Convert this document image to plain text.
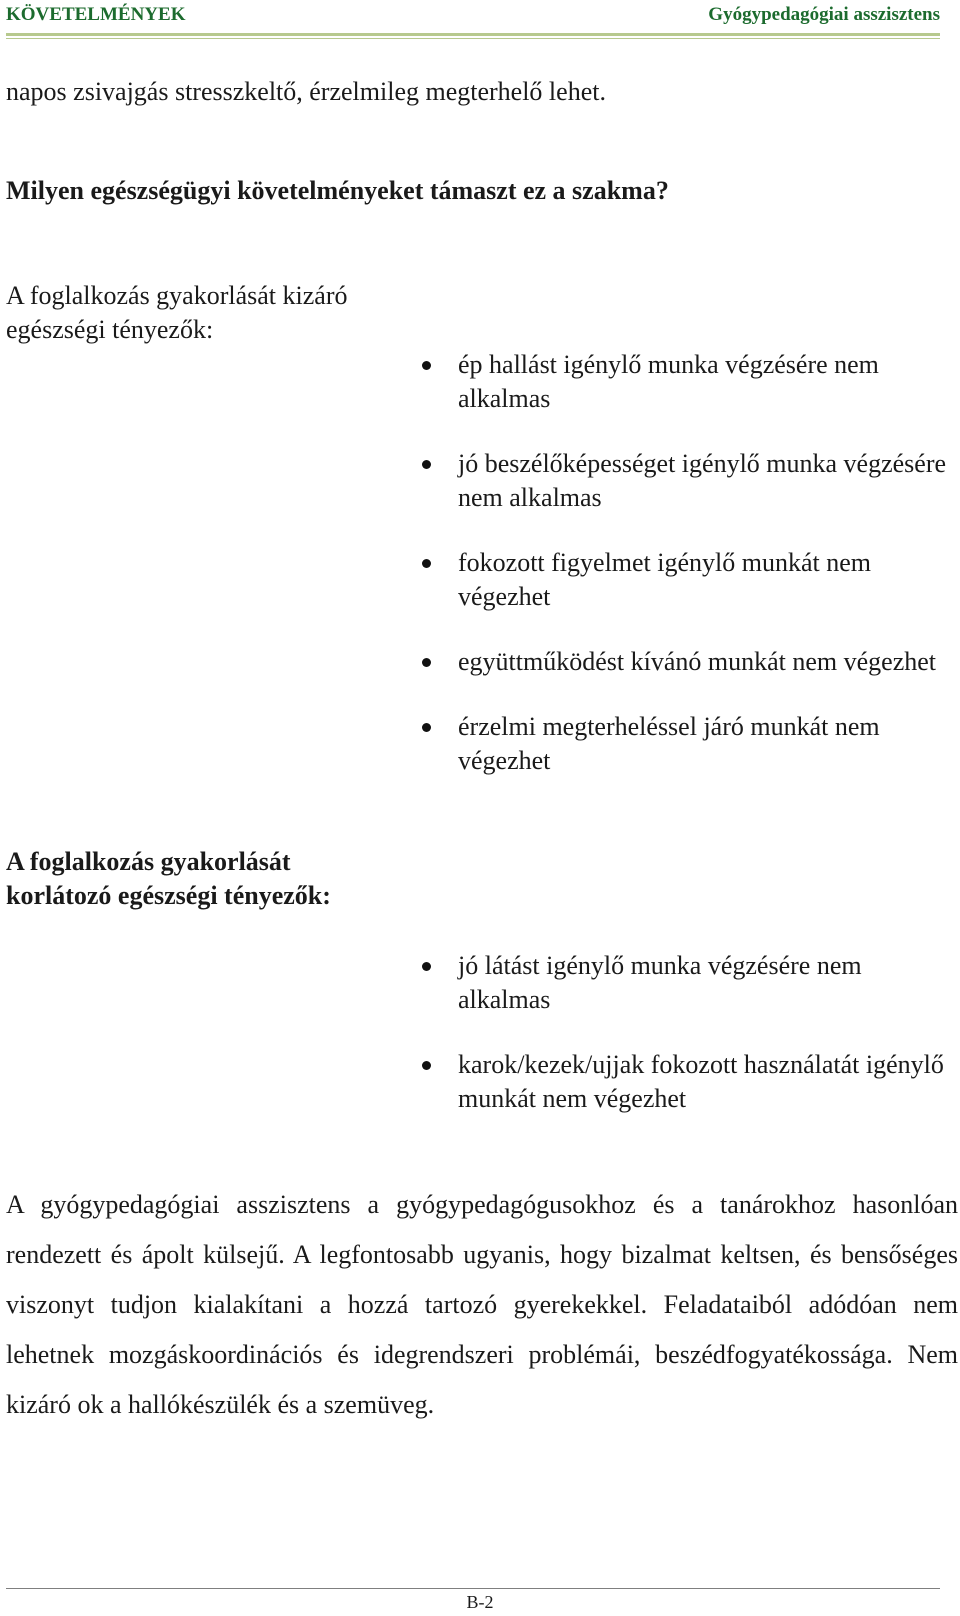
KÖVETELMÉNYEK	Gyógypedagógiai asszisztens
napos zsivajgás stresszkeltő, érzelmileg megterhelő lehet.
Milyen egészségügyi követelményeket támaszt ez a szakma?
A foglalkozás gyakorlását kizáró egészségi tényezők:
ép hallást igénylő munka végzésére nem alkalmas
jó beszélőképességet igénylő munka végzésére nem alkalmas
fokozott figyelmet igénylő munkát nem végezhet
együttműködést kívánó munkát nem végezhet
érzelmi megterheléssel járó munkát nem végezhet
A foglalkozás gyakorlását korlátozó egészségi tényezők:
jó látást igénylő munka végzésére nem alkalmas
karok/kezek/ujjak fokozott használatát igénylő munkát nem végezhet
A gyógypedagógiai asszisztens a gyógypedagógusokhoz és a tanárokhoz hasonlóan rendezett és ápolt külsejű. A legfontosabb ugyanis, hogy bizalmat keltsen, és bensőséges viszonyt tudjon kialakítani a hozzá tartozó gyerekekkel. Feladataiból adódóan nem lehetnek mozgáskoordinációs és idegrendszeri problémái, beszédfogyatékossága. Nem kizáró ok a hallókészülék és a szemüveg.
B-2
